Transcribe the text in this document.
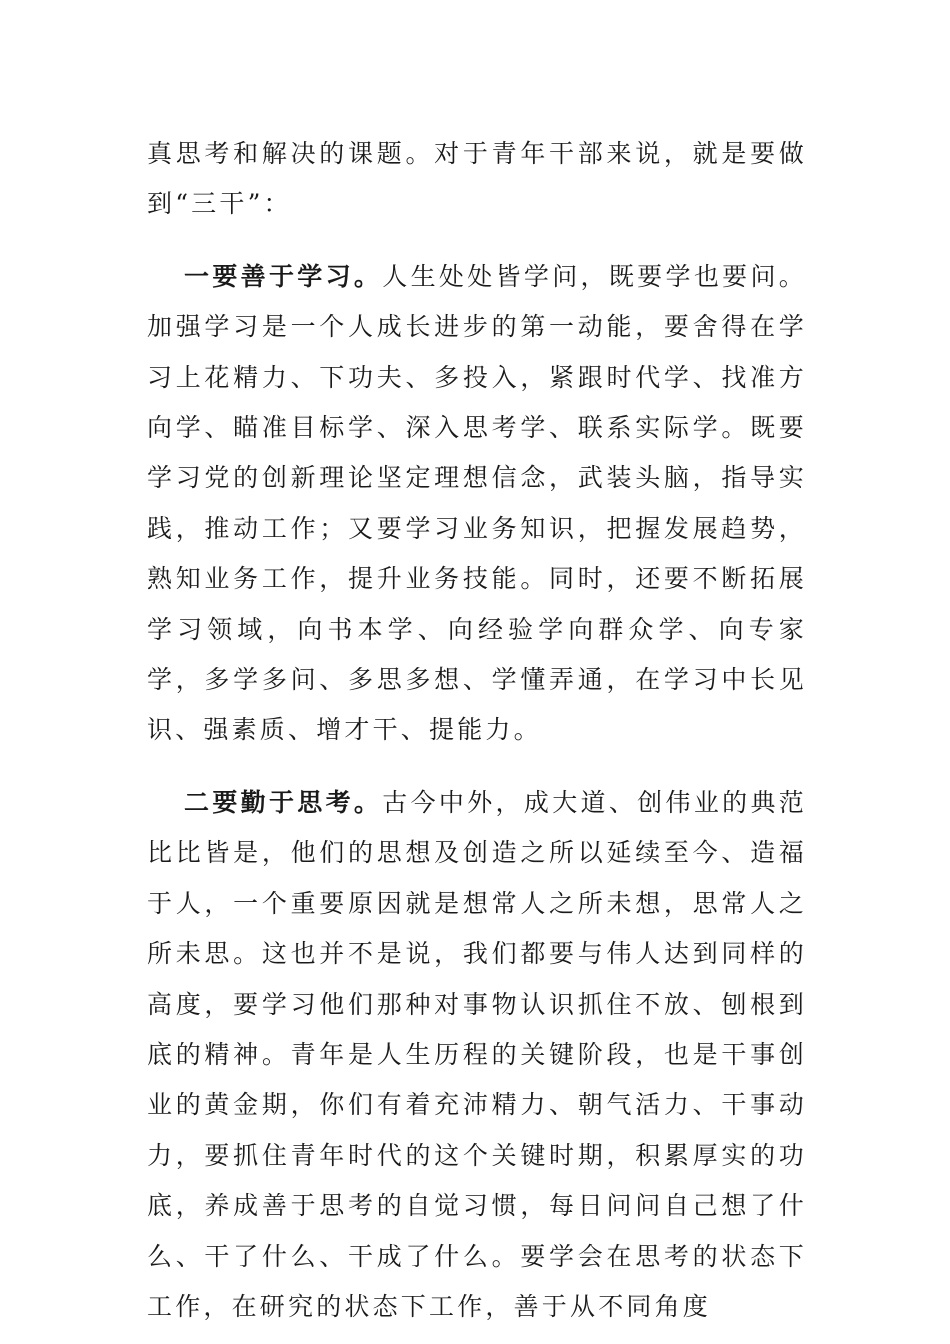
真思考和解决的课题。对于青年干部来说，就是要做到“三干”：

一要善于学习。人生处处皆学问，既要学也要问。加强学习是一个人成长进步的第一动能，要舍得在学习上花精力、下功夫、多投入，紧跟时代学、找准方向学、瞄准目标学、深入思考学、联系实际学。既要学习党的创新理论坚定理想信念，武装头脑，指导实践，推动工作；又要学习业务知识，把握发展趋势，熟知业务工作，提升业务技能。同时，还要不断拓展学习领域，向书本学、向经验学向群众学、向专家学，多学多问、多思多想、学懂弄通，在学习中长见识、强素质、增才干、提能力。

二要勤于思考。古今中外，成大道、创伟业的典范比比皆是，他们的思想及创造之所以延续至今、造福于人，一个重要原因就是想常人之所未想，思常人之所未思。这也并不是说，我们都要与伟人达到同样的高度，要学习他们那种对事物认识抓住不放、刨根到底的精神。青年是人生历程的关键阶段，也是干事创业的黄金期，你们有着充沛精力、朝气活力、干事动力，要抓住青年时代的这个关键时期，积累厚实的功底，养成善于思考的自觉习惯，每日问问自己想了什么、干了什么、干成了什么。要学会在思考的状态下工作，在研究的状态下工作，善于从不同角度
